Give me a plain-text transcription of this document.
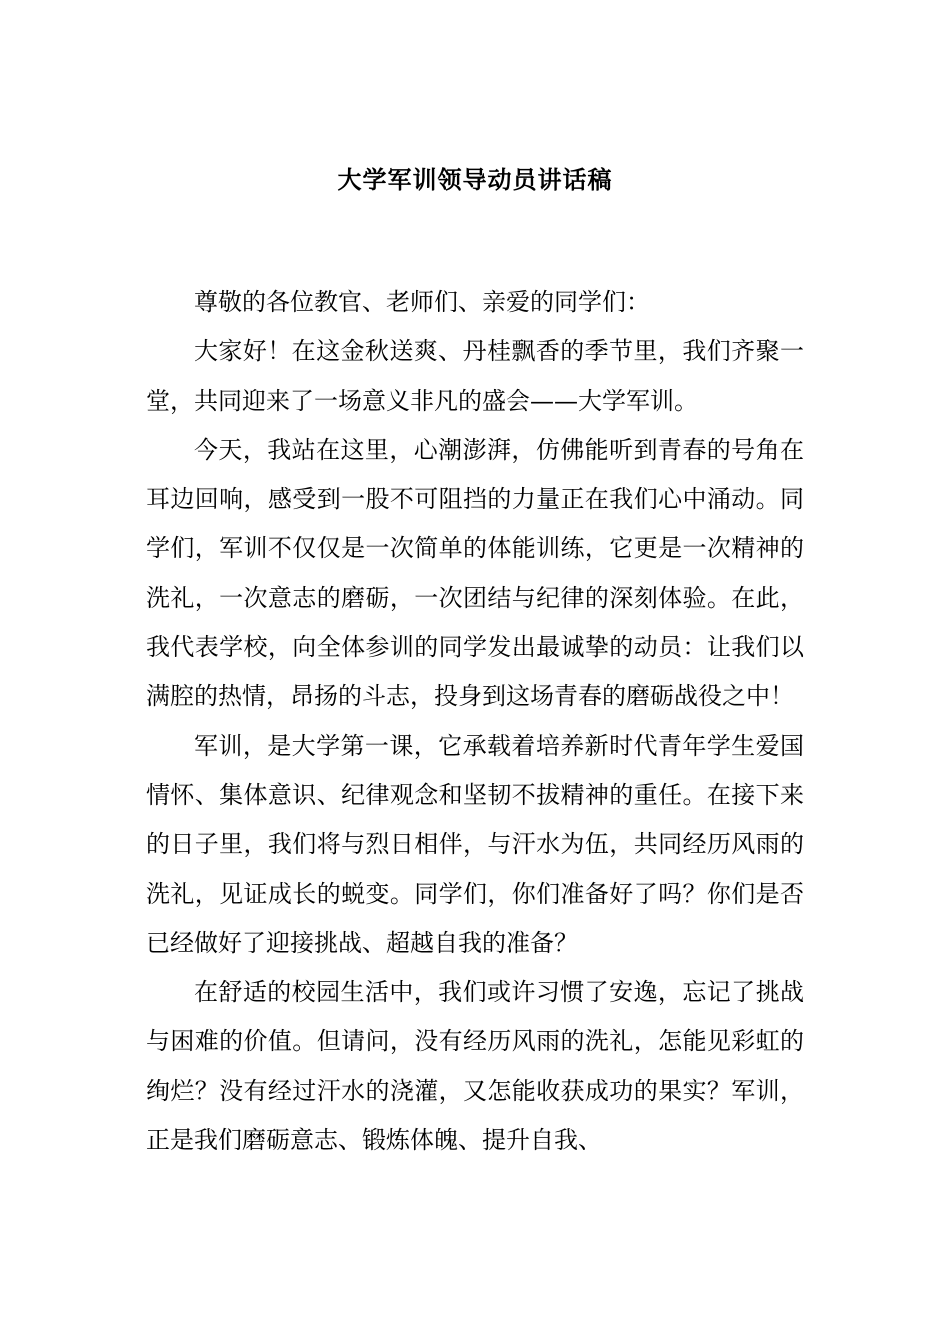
大学军训领导动员讲话稿

尊敬的各位教官、老师们、亲爱的同学们：

大家好！在这金秋送爽、丹桂飘香的季节里，我们齐聚一堂，共同迎来了一场意义非凡的盛会——大学军训。

今天，我站在这里，心潮澎湃，仿佛能听到青春的号角在耳边回响，感受到一股不可阻挡的力量正在我们心中涌动。同学们，军训不仅仅是一次简单的体能训练，它更是一次精神的洗礼，一次意志的磨砺，一次团结与纪律的深刻体验。在此，我代表学校，向全体参训的同学发出最诚挚的动员：让我们以满腔的热情，昂扬的斗志，投身到这场青春的磨砺战役之中！

军训，是大学第一课，它承载着培养新时代青年学生爱国情怀、集体意识、纪律观念和坚韧不拔精神的重任。在接下来的日子里，我们将与烈日相伴，与汗水为伍，共同经历风雨的洗礼，见证成长的蜕变。同学们，你们准备好了吗？你们是否已经做好了迎接挑战、超越自我的准备？

在舒适的校园生活中，我们或许习惯了安逸，忘记了挑战与困难的价值。但请问，没有经历风雨的洗礼，怎能见彩虹的绚烂？没有经过汗水的浇灌，又怎能收获成功的果实？军训，正是我们磨砺意志、锻炼体魄、提升自我、
